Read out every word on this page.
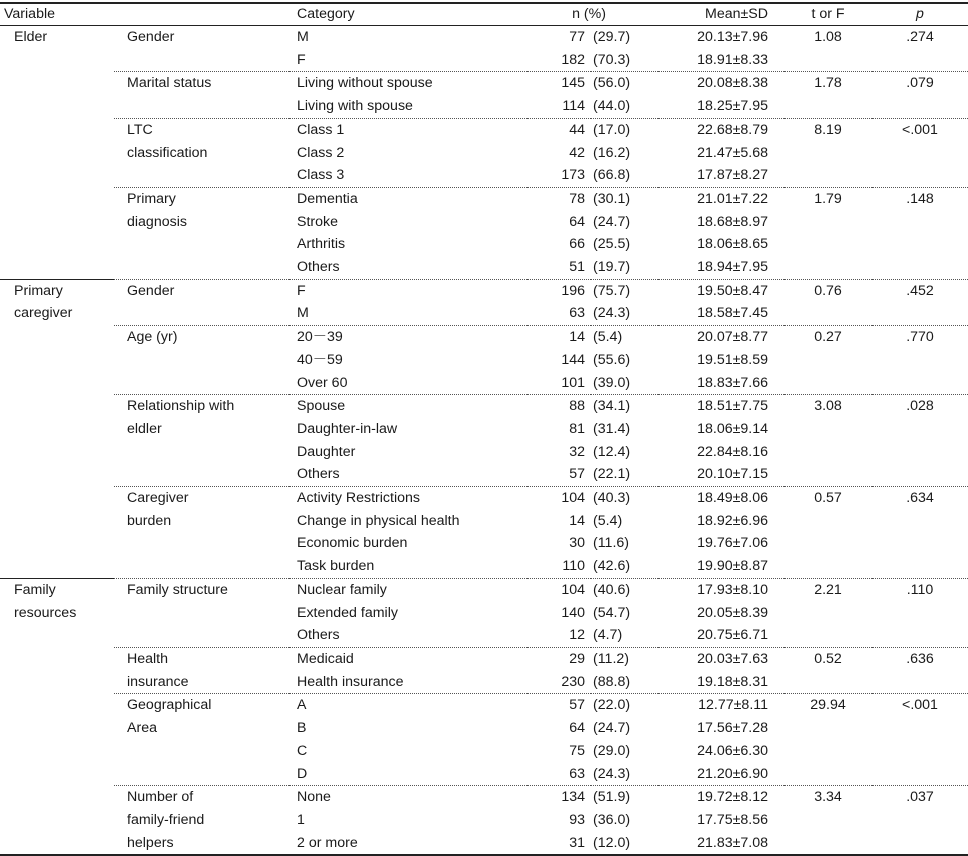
Variable		Category	n (%)		Mean±SD	t or F	p
Elder	Gender	M	77	(29.7)	20.13±7.96	1.08	.274
		F	182	(70.3)	18.91±8.33		
	Marital status	Living without spouse	145	(56.0)	20.08±8.38	1.78	.079
		Living with spouse	114	(44.0)	18.25±7.95		
	LTC	Class 1	44	(17.0)	22.68±8.79	8.19	<.001
	classification	Class 2	42	(16.2)	21.47±5.68		
		Class 3	173	(66.8)	17.87±8.27		
	Primary	Dementia	78	(30.1)	21.01±7.22	1.79	.148
	diagnosis	Stroke	64	(24.7)	18.68±8.97		
		Arthritis	66	(25.5)	18.06±8.65		
		Others	51	(19.7)	18.94±7.95		
Primary	Gender	F	196	(75.7)	19.50±8.47	0.76	.452
caregiver		M	63	(24.3)	18.58±7.45		
	Age (yr)	20－39	14	(5.4)	20.07±8.77	0.27	.770
		40－59	144	(55.6)	19.51±8.59		
		Over 60	101	(39.0)	18.83±7.66		
	Relationship with	Spouse	88	(34.1)	18.51±7.75	3.08	.028
	eldler	Daughter-in-law	81	(31.4)	18.06±9.14		
		Daughter	32	(12.4)	22.84±8.16		
		Others	57	(22.1)	20.10±7.15		
	Caregiver	Activity Restrictions	104	(40.3)	18.49±8.06	0.57	.634
	burden	Change in physical health	14	(5.4)	18.92±6.96		
		Economic burden	30	(11.6)	19.76±7.06		
		Task burden	110	(42.6)	19.90±8.87		
Family	Family structure	Nuclear family	104	(40.6)	17.93±8.10	2.21	.110
resources		Extended family	140	(54.7)	20.05±8.39		
		Others	12	(4.7)	20.75±6.71		
	Health	Medicaid	29	(11.2)	20.03±7.63	0.52	.636
	insurance	Health insurance	230	(88.8)	19.18±8.31		
	Geographical	A	57	(22.0)	12.77±8.11	29.94	<.001
	Area	B	64	(24.7)	17.56±7.28		
		C	75	(29.0)	24.06±6.30		
		D	63	(24.3)	21.20±6.90		
	Number of	None	134	(51.9)	19.72±8.12	3.34	.037
	family-friend	1	93	(36.0)	17.75±8.56		
	helpers	2 or more	31	(12.0)	21.83±7.08		
